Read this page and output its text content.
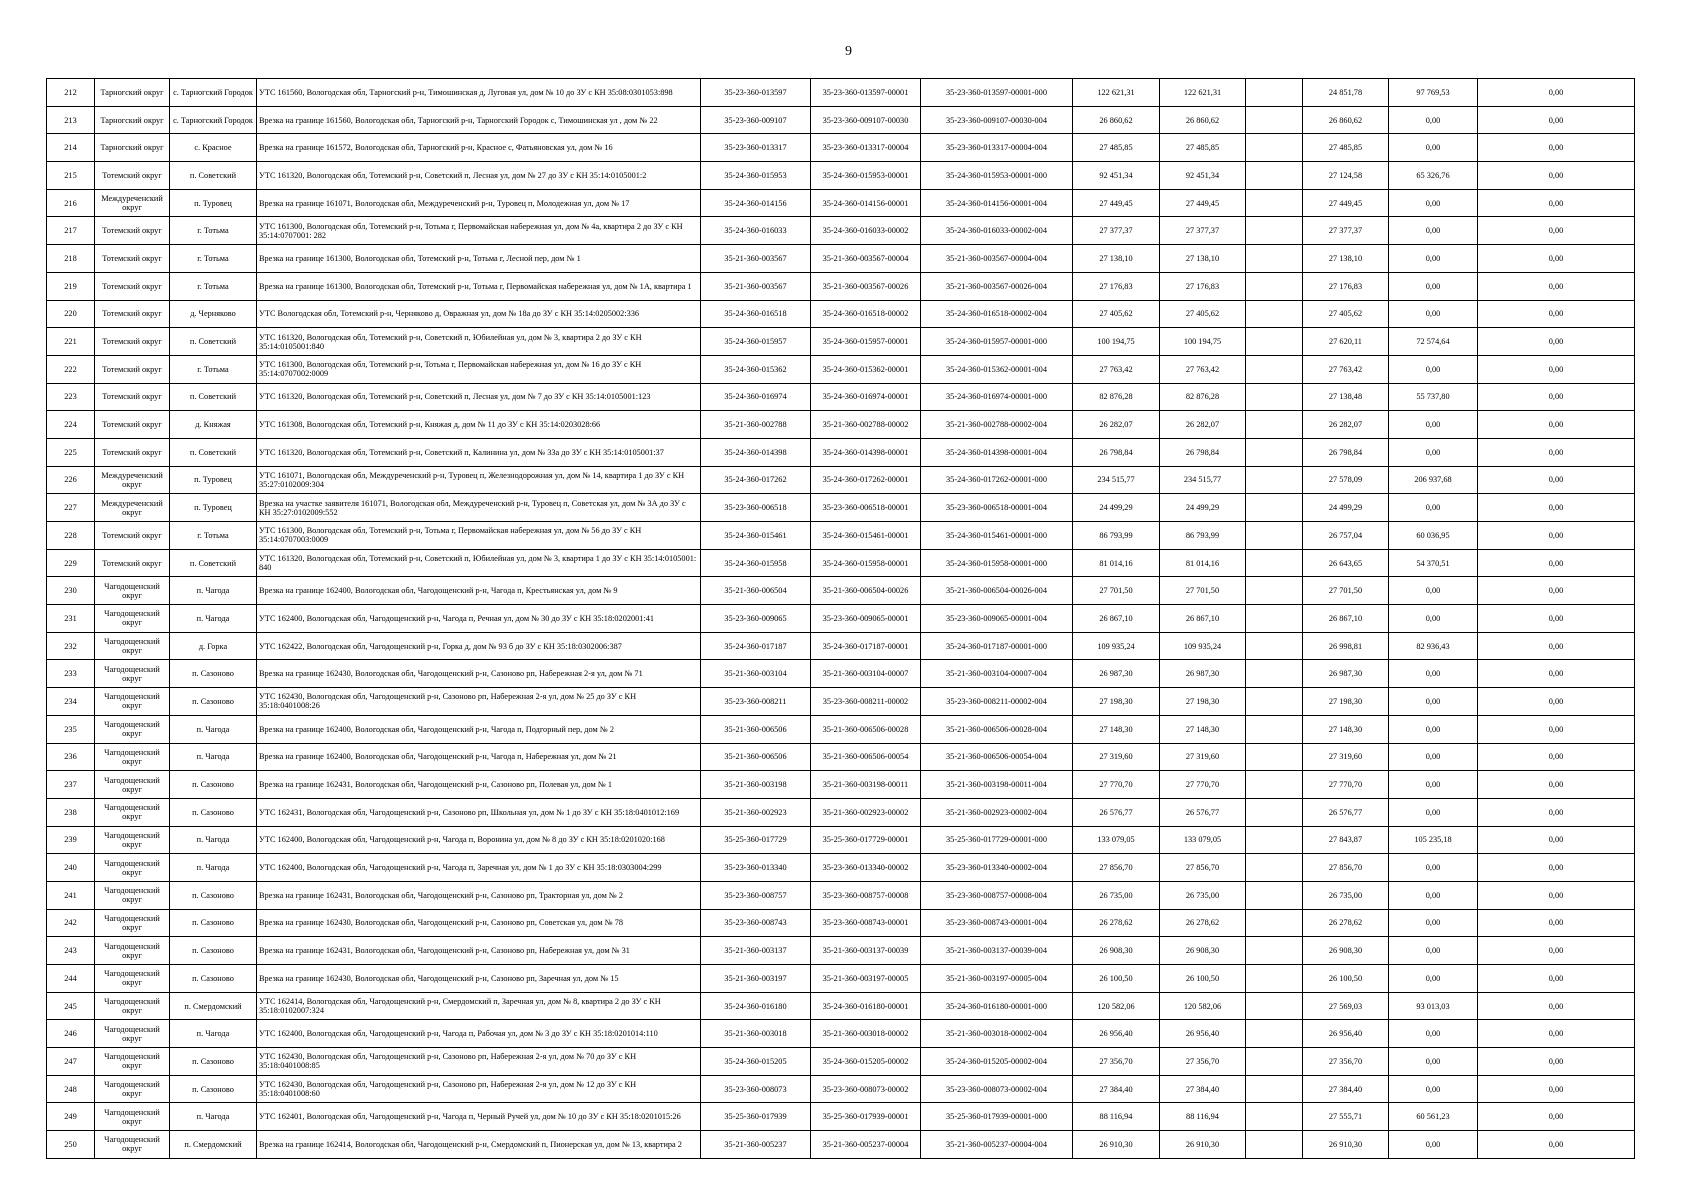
9
212	Тарногский округ	с. Тарногский Городок	УТС 161560, Вологодская обл, Тарногский р-н, Тимошинская д, Луговая ул, дом № 10 до ЗУ с КН 35:08:0301053:898	35-23-360-013597	35-23-360-013597-00001	35-23-360-013597-00001-000	122 621,31	122 621,31		24 851,78	97 769,53	0,00
213	Тарногский округ	с. Тарногский Городок	Врезка на границе 161560, Вологодская обл, Тарногский р-н, Тарногский Городок с, Тимошинская ул , дом № 22	35-23-360-009107	35-23-360-009107-00030	35-23-360-009107-00030-004	26 860,62	26 860,62		26 860,62	0,00	0,00
214	Тарногский округ	с. Красное	Врезка на границе 161572, Вологодская обл, Тарногский р-н, Красное с, Фатьяновская ул, дом № 16	35-23-360-013317	35-23-360-013317-00004	35-23-360-013317-00004-004	27 485,85	27 485,85		27 485,85	0,00	0,00
215	Тотемский округ	п. Советский	УТС 161320, Вологодская обл, Тотемский р-н, Советский п, Лесная ул, дом № 27 до ЗУ с КН 35:14:0105001:2	35-24-360-015953	35-24-360-015953-00001	35-24-360-015953-00001-000	92 451,34	92 451,34		27 124,58	65 326,76	0,00
216	Междуреченский округ	п. Туровец	Врезка на границе 161071, Вологодская обл, Междуреченский р-н, Туровец п, Молодежная ул, дом № 17	35-24-360-014156	35-24-360-014156-00001	35-24-360-014156-00001-004	27 449,45	27 449,45		27 449,45	0,00	0,00
217	Тотемский округ	г. Тотьма	УТС 161300, Вологодская обл, Тотемский р-н, Тотьма г, Первомайская набережная ул, дом № 4а, квартира 2 до ЗУ с КН 35:14:0707001: 282	35-24-360-016033	35-24-360-016033-00002	35-24-360-016033-00002-004	27 377,37	27 377,37		27 377,37	0,00	0,00
218	Тотемский округ	г. Тотьма	Врезка на границе 161300, Вологодская обл, Тотемский р-н, Тотьма г, Лесной пер, дом № 1	35-21-360-003567	35-21-360-003567-00004	35-21-360-003567-00004-004	27 138,10	27 138,10		27 138,10	0,00	0,00
219	Тотемский округ	г. Тотьма	Врезка на границе 161300, Вологодская обл, Тотемский р-н, Тотьма г, Первомайская набережная ул, дом № 1А, квартира 1	35-21-360-003567	35-21-360-003567-00026	35-21-360-003567-00026-004	27 176,83	27 176,83		27 176,83	0,00	0,00
220	Тотемский округ	д. Черняково	УТС Вологодская обл, Тотемский р-н, Черняково д, Овражная ул, дом № 18а до ЗУ с КН 35:14:0205002:336	35-24-360-016518	35-24-360-016518-00002	35-24-360-016518-00002-004	27 405,62	27 405,62		27 405,62	0,00	0,00
221	Тотемский округ	п. Советский	УТС 161320, Вологодская обл, Тотемский р-н, Советский п, Юбилейная ул, дом № 3, квартира 2 до ЗУ с КН 35:14:0105001:840	35-24-360-015957	35-24-360-015957-00001	35-24-360-015957-00001-000	100 194,75	100 194,75		27 620,11	72 574,64	0,00
222	Тотемский округ	г. Тотьма	УТС 161300, Вологодская обл, Тотемский р-н, Тотьма г, Первомайская набережная ул, дом № 16 до ЗУ с КН 35:14:0707002:0009	35-24-360-015362	35-24-360-015362-00001	35-24-360-015362-00001-004	27 763,42	27 763,42		27 763,42	0,00	0,00
223	Тотемский округ	п. Советский	УТС 161320, Вологодская обл, Тотемский р-н, Советский п, Лесная ул, дом № 7 до ЗУ с КН 35:14:0105001:123	35-24-360-016974	35-24-360-016974-00001	35-24-360-016974-00001-000	82 876,28	82 876,28		27 138,48	55 737,80	0,00
224	Тотемский округ	д. Княжая	УТС 161308, Вологодская обл, Тотемский р-н, Княжая д, дом № 11 до ЗУ с КН 35:14:0203028:66	35-21-360-002788	35-21-360-002788-00002	35-21-360-002788-00002-004	26 282,07	26 282,07		26 282,07	0,00	0,00
225	Тотемский округ	п. Советский	УТС 161320, Вологодская обл, Тотемский р-н, Советский п, Калинина ул, дом № 33а до ЗУ с КН 35:14:0105001:37	35-24-360-014398	35-24-360-014398-00001	35-24-360-014398-00001-004	26 798,84	26 798,84		26 798,84	0,00	0,00
226	Междуреченский округ	п. Туровец	УТС 161071, Вологодская обл, Междуреченский р-н, Туровец п, Железнодорожная ул, дом № 14, квартира 1 до ЗУ с КН 35:27:0102009:304	35-24-360-017262	35-24-360-017262-00001	35-24-360-017262-00001-000	234 515,77	234 515,77		27 578,09	206 937,68	0,00
227	Междуреченский округ	п. Туровец	Врезка на участке заявителя 161071, Вологодская обл, Междуреченский р-н, Туровец п, Советская ул, дом № 3А до ЗУ с КН 35:27:0102009:552	35-23-360-006518	35-23-360-006518-00001	35-23-360-006518-00001-004	24 499,29	24 499,29		24 499,29	0,00	0,00
228	Тотемский округ	г. Тотьма	УТС 161300, Вологодская обл, Тотемский р-н, Тотьма г, Первомайская набережная ул, дом № 56 до ЗУ с КН 35:14:0707003:0009	35-24-360-015461	35-24-360-015461-00001	35-24-360-015461-00001-000	86 793,99	86 793,99		26 757,04	60 036,95	0,00
229	Тотемский округ	п. Советский	УТС 161320, Вологодская обл, Тотемский р-н, Советский п, Юбилейная ул, дом № 3, квартира 1 до ЗУ с КН 35:14:0105001: 840	35-24-360-015958	35-24-360-015958-00001	35-24-360-015958-00001-000	81 014,16	81 014,16		26 643,65	54 370,51	0,00
230	Чагодощенский округ	п. Чагода	Врезка на границе 162400, Вологодская обл, Чагодощенский р-н, Чагода п, Крестьянская ул, дом № 9	35-21-360-006504	35-21-360-006504-00026	35-21-360-006504-00026-004	27 701,50	27 701,50		27 701,50	0,00	0,00
231	Чагодощенский округ	п. Чагода	УТС 162400, Вологодская обл, Чагодощенский р-н, Чагода п, Речная ул, дом № 30 до ЗУ с КН 35:18:0202001:41	35-23-360-009065	35-23-360-009065-00001	35-23-360-009065-00001-004	26 867,10	26 867,10		26 867,10	0,00	0,00
232	Чагодощенский округ	д. Горка	УТС 162422, Вологодская обл, Чагодощенский р-н, Горка д, дом № 93 б до ЗУ с КН 35:18:0302006:387	35-24-360-017187	35-24-360-017187-00001	35-24-360-017187-00001-000	109 935,24	109 935,24		26 998,81	82 936,43	0,00
233	Чагодощенский округ	п. Сазоново	Врезка на границе 162430, Вологодская обл, Чагодощенский р-н, Сазоново рп, Набережная 2-я ул, дом № 71	35-21-360-003104	35-21-360-003104-00007	35-21-360-003104-00007-004	26 987,30	26 987,30		26 987,30	0,00	0,00
234	Чагодощенский округ	п. Сазоново	УТС 162430, Вологодская обл, Чагодощенский р-н, Сазоново рп, Набережная 2-я ул, дом № 25 до ЗУ с КН 35:18:0401008:26	35-23-360-008211	35-23-360-008211-00002	35-23-360-008211-00002-004	27 198,30	27 198,30		27 198,30	0,00	0,00
235	Чагодощенский округ	п. Чагода	Врезка на границе 162400, Вологодская обл, Чагодощенский р-н, Чагода п, Подгорный пер, дом № 2	35-21-360-006506	35-21-360-006506-00028	35-21-360-006506-00028-004	27 148,30	27 148,30		27 148,30	0,00	0,00
236	Чагодощенский округ	п. Чагода	Врезка на границе 162400, Вологодская обл, Чагодощенский р-н, Чагода п, Набережная ул, дом № 21	35-21-360-006506	35-21-360-006506-00054	35-21-360-006506-00054-004	27 319,60	27 319,60		27 319,60	0,00	0,00
237	Чагодощенский округ	п. Сазоново	Врезка на границе 162431, Вологодская обл, Чагодощенский р-н, Сазоново рп, Полевая ул, дом № 1	35-21-360-003198	35-21-360-003198-00011	35-21-360-003198-00011-004	27 770,70	27 770,70		27 770,70	0,00	0,00
238	Чагодощенский округ	п. Сазоново	УТС 162431, Вологодская обл, Чагодощенский р-н, Сазоново рп, Школьная ул, дом № 1 до ЗУ с КН 35:18:0401012:169	35-21-360-002923	35-21-360-002923-00002	35-21-360-002923-00002-004	26 576,77	26 576,77		26 576,77	0,00	0,00
239	Чагодощенский округ	п. Чагода	УТС 162400, Вологодская обл, Чагодощенский р-н, Чагода п, Воронина ул, дом № 8 до ЗУ с КН 35:18:0201020:168	35-25-360-017729	35-25-360-017729-00001	35-25-360-017729-00001-000	133 079,05	133 079,05		27 843,87	105 235,18	0,00
240	Чагодощенский округ	п. Чагода	УТС 162400, Вологодская обл, Чагодощенский р-н, Чагода п, Заречная ул, дом № 1 до ЗУ с КН 35:18:0303004:299	35-23-360-013340	35-23-360-013340-00002	35-23-360-013340-00002-004	27 856,70	27 856,70		27 856,70	0,00	0,00
241	Чагодощенский округ	п. Сазоново	Врезка на границе 162431, Вологодская обл, Чагодощенский р-н, Сазоново рп, Тракторная ул, дом № 2	35-23-360-008757	35-23-360-008757-00008	35-23-360-008757-00008-004	26 735,00	26 735,00		26 735,00	0,00	0,00
242	Чагодощенский округ	п. Сазоново	Врезка на границе 162430, Вологодская обл, Чагодощенский р-н, Сазоново рп, Советская ул, дом № 78	35-23-360-008743	35-23-360-008743-00001	35-23-360-008743-00001-004	26 278,62	26 278,62		26 278,62	0,00	0,00
243	Чагодощенский округ	п. Сазоново	Врезка на границе 162431, Вологодская обл, Чагодощенский р-н, Сазоново рп, Набережная ул, дом № 31	35-21-360-003137	35-21-360-003137-00039	35-21-360-003137-00039-004	26 908,30	26 908,30		26 908,30	0,00	0,00
244	Чагодощенский округ	п. Сазоново	Врезка на границе 162430, Вологодская обл, Чагодощенский р-н, Сазоново рп, Заречная ул, дом № 15	35-21-360-003197	35-21-360-003197-00005	35-21-360-003197-00005-004	26 100,50	26 100,50		26 100,50	0,00	0,00
245	Чагодощенский округ	п. Смердомский	УТС 162414, Вологодская обл, Чагодощенский р-н, Смердомский п, Заречная ул, дом № 8, квартира 2 до ЗУ с КН 35:18:0102007:324	35-24-360-016180	35-24-360-016180-00001	35-24-360-016180-00001-000	120 582,06	120 582,06		27 569,03	93 013,03	0,00
246	Чагодощенский округ	п. Чагода	УТС 162400, Вологодская обл, Чагодощенский р-н, Чагода п, Рабочая ул, дом № 3 до ЗУ с КН 35:18:0201014:110	35-21-360-003018	35-21-360-003018-00002	35-21-360-003018-00002-004	26 956,40	26 956,40		26 956,40	0,00	0,00
247	Чагодощенский округ	п. Сазоново	УТС 162430, Вологодская обл, Чагодощенский р-н, Сазоново рп, Набережная 2-я ул, дом № 70 до ЗУ с КН 35:18:0401008:85	35-24-360-015205	35-24-360-015205-00002	35-24-360-015205-00002-004	27 356,70	27 356,70		27 356,70	0,00	0,00
248	Чагодощенский округ	п. Сазоново	УТС 162430, Вологодская обл, Чагодощенский р-н, Сазоново рп, Набережная 2-я ул, дом № 12 до ЗУ с КН 35:18:0401008:60	35-23-360-008073	35-23-360-008073-00002	35-23-360-008073-00002-004	27 384,40	27 384,40		27 384,40	0,00	0,00
249	Чагодощенский округ	п. Чагода	УТС 162401, Вологодская обл, Чагодощенский р-н, Чагода п, Черный Ручей ул, дом № 10 до ЗУ с КН 35:18:0201015:26	35-25-360-017939	35-25-360-017939-00001	35-25-360-017939-00001-000	88 116,94	88 116,94		27 555,71	60 561,23	0,00
250	Чагодощенский округ	п. Смердомский	Врезка на границе 162414, Вологодская обл, Чагодощенский р-н, Смердомский п, Пионерская ул, дом № 13, квартира 2	35-21-360-005237	35-21-360-005237-00004	35-21-360-005237-00004-004	26 910,30	26 910,30		26 910,30	0,00	0,00
